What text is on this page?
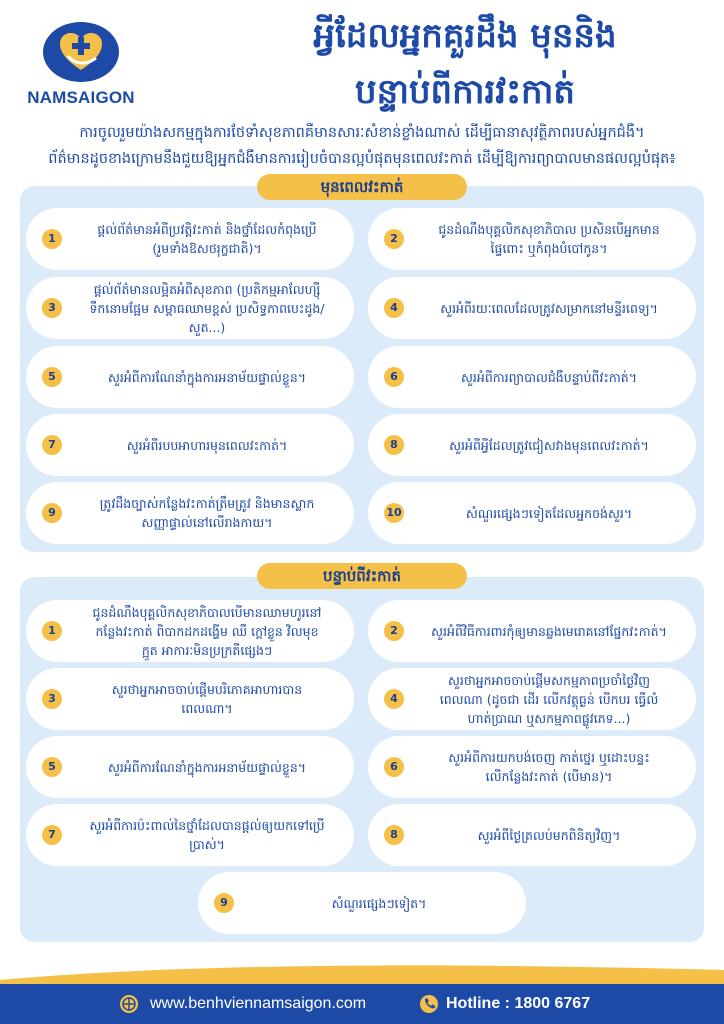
NAMSAIGON
អ្វីដែលអ្នកគួរដឹង មុននិង
បន្ទាប់ពីការវះកាត់
ការចូលរួមយ៉ាងសកម្មក្នុងការថែទាំសុខភាពគឺមានសារៈសំខាន់ខ្លាំងណាស់ ដើម្បីធានាសុវត្ថិភាពរបស់អ្នកជំងឺ។
ព័ត៌មានដូចខាងក្រោមនឹងជួយឱ្យអ្នកជំងឺមានការរៀបចំបានល្អបំផុតមុនពេលវះកាត់ ដើម្បីឱ្យការព្យាបាលមានផលល្អបំផុត៖
មុនពេលវះកាត់
1
ផ្តល់ព័ត៌មានអំពីប្រវត្តិវះកាត់ និងថ្នាំដែលកំពុងប្រើ (រួមទាំងឱសថរុក្ខជាតិ)។
2
ជូនដំណឹងបុគ្គលិកសុខាភិបាល ប្រសិនបើអ្នកមានផ្ទៃពោះ ឬកំពុងបំបៅកូន។
3
ផ្តល់ព័ត៌មានលម្អិតអំពីសុខភាព (ប្រតិកម្មអាលែហ្ស៊ី ទឹកនោមផ្អែម សម្ពាធឈាមខ្ពស់ ប្រសិទ្ធភាពបេះដូង/សួត...)
4	សួរអំពីរយៈពេលដែលត្រូវសម្រាកនៅមន្ទីរពេទ្យ។
5	សួរអំពីការណែនាំក្នុងការអនាម័យផ្ទាល់ខ្លួន។	6	សួរអំពីការព្យាបាលជំងឺបន្ទាប់ពីវះកាត់។
7	សួរអំពីរបបអាហារមុនពេលវះកាត់។	8	សួរអំពីអ្វីដែលត្រូវជៀសវាងមុនពេលវះកាត់។
9
ត្រូវដឹងច្បាស់កន្លែងវះកាត់ត្រឹមត្រូវ និងមានស្លាកសញ្ញាផ្ទាល់នៅលើរាងកាយ។
10	សំណួរផ្សេងៗទៀតដែលអ្នកចង់សួរ។
បន្ទាប់ពីវះកាត់
1
ជូនដំណឹងបុគ្គលិកសុខាភិបាលបើមានឈាមហូរនៅកន្លែងវះកាត់ ពិបាកដកដង្ហើម ឈឺ ក្តៅខ្លួន វិលមុខ ក្អួត អាការៈមិនប្រក្រតីផ្សេងៗ
2	សួរអំពីវិធីការពារកុំឲ្យមានឆ្លងមេរោគនៅផ្នែកវះកាត់។
3
សួរថាអ្នកអាចចាប់ផ្តើមបរិភោគអាហារបានពេលណា។
4
សួរថាអ្នកអាចចាប់ផ្តើមសកម្មភាពប្រចាំថ្ងៃវិញពេលណា (ដូចជា ដើរ លើកវត្ថុធ្ងន់ បើកបរ ធ្វើលំហាត់ប្រាណ ឬសកម្មភាពផ្លូវភេទ...)
5	សួរអំពីការណែនាំក្នុងការអនាម័យផ្ទាល់ខ្លួន។	6
សួរអំពីការយកបង់ចេញ កាត់ថ្នេរ ឬដោះបន្ទះលើកន្លែងវះកាត់ (បើមាន)។
7
សួរអំពីការប៉ះពាល់នៃថ្នាំដែលបានផ្តល់ឲ្យយកទៅប្រើប្រាស់។
8	សួរអំពីថ្ងៃត្រលប់មកពិនិត្យវិញ។
9	សំណួរផ្សេងៗទៀត។
www.benhviennamsaigon.com	Hotline : 1800 6767
